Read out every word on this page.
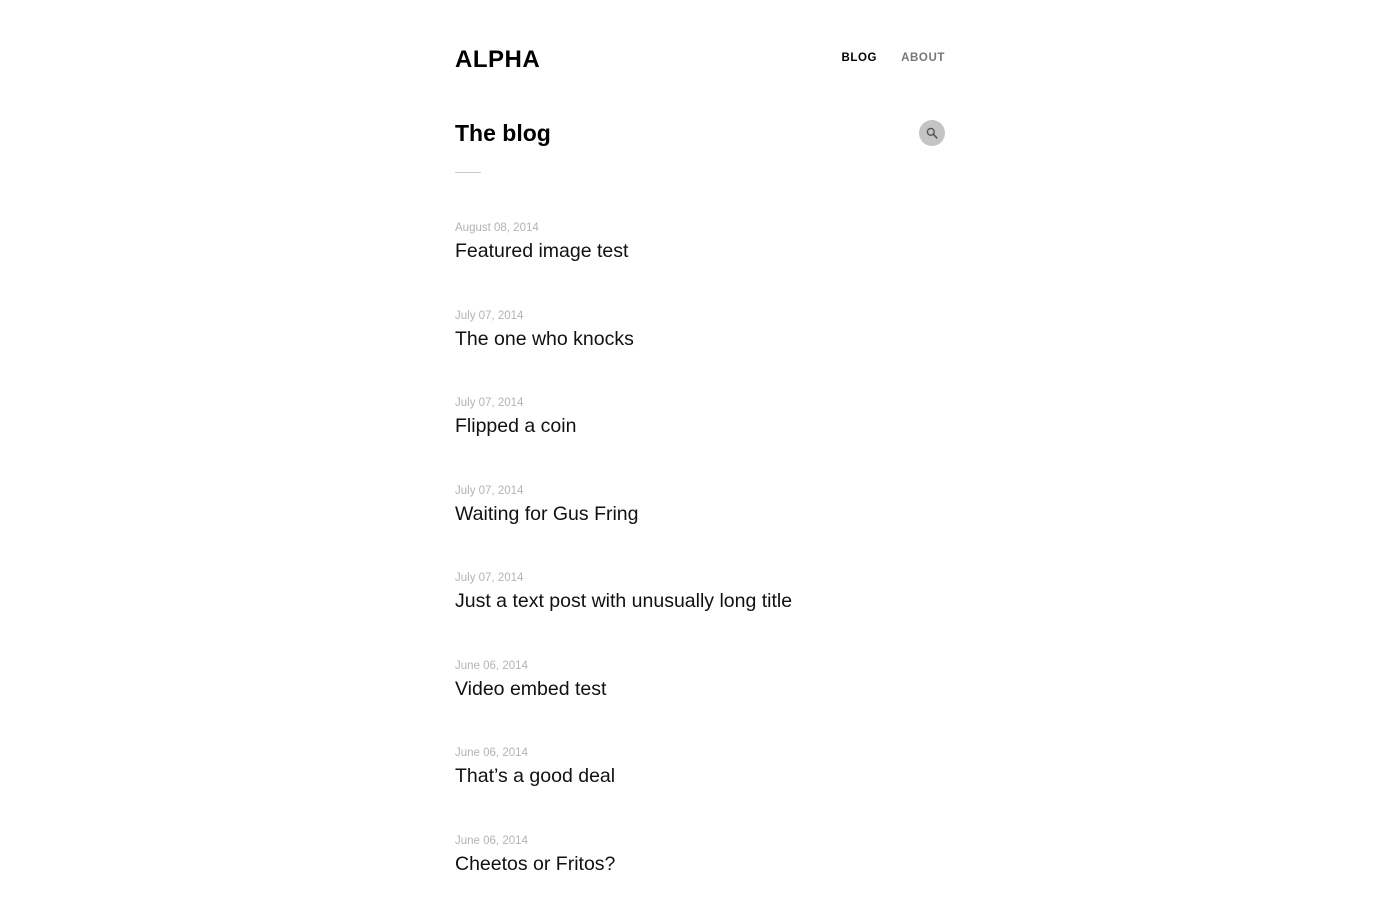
ALPHA	BLOG ABOUT
The blog
August 08, 2014
Featured image test
July 07, 2014
The one who knocks
July 07, 2014
Flipped a coin
July 07, 2014
Waiting for Gus Fring
July 07, 2014
Just a text post with unusually long title
June 06, 2014
Video embed test
June 06, 2014
That’s a good deal
June 06, 2014
Cheetos or Fritos?
